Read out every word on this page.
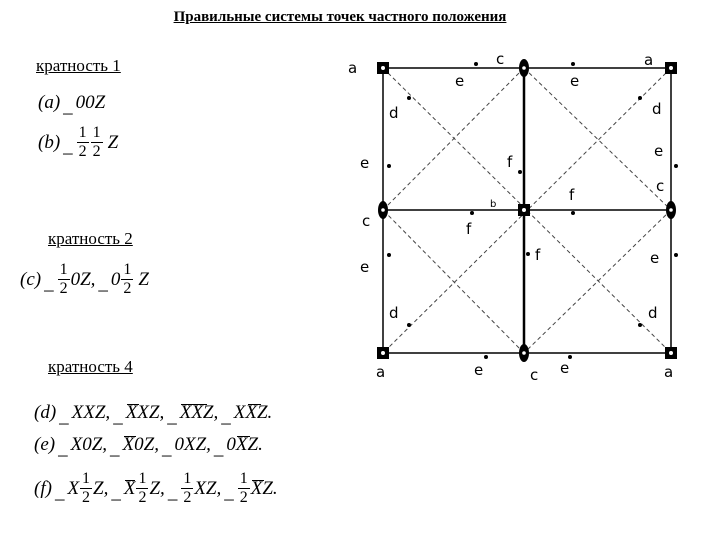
Правильные системы точек частного положения
кратность 1
(a) _ 00Z
(b) _ $\frac{1}{2} \frac{1}{2}$ Z
кратность 2
(c) _ $\frac{1}{2} 0Z$, _ $0 \frac{1}{2}$ Z
кратность 4
(d) _ XXZ, _ XXZ, _ XXZ, _ XXZ.
(e) _ X0Z, _ X0Z, _ 0XZ, _ 0XZ.
(f) _ X $\frac{1}{2} Z$, _ X $\frac{1}{2} Z$, _ $\frac{1}{2}$ XZ, _ $\frac{1}{2}$ XZ.
a	a
a	a
c
c
c
c
d	d
d	d
e	e
e
e
e	e
e	e
f
f
f
f
b
